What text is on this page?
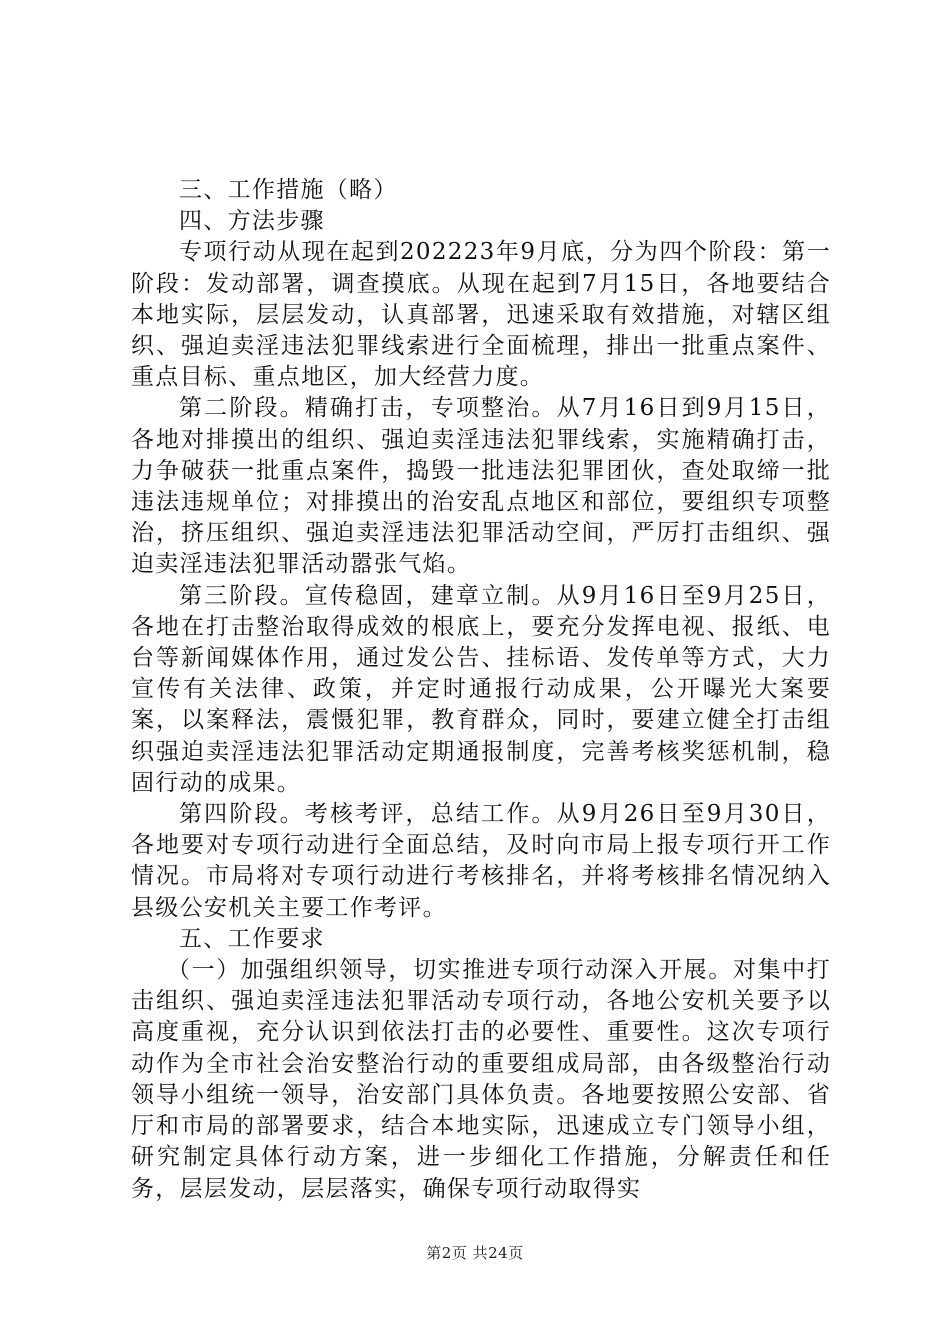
三、工作措施（略）

四、方法步骤

专项行动从现在起到202223年9月底，分为四个阶段：第一阶段：发动部署，调查摸底。从现在起到7月15日，各地要结合本地实际，层层发动，认真部署，迅速采取有效措施，对辖区组织、强迫卖淫违法犯罪线索进行全面梳理，排出一批重点案件、重点目标、重点地区，加大经营力度。

第二阶段。精确打击，专项整治。从7月16日到9月15日，各地对排摸出的组织、强迫卖淫违法犯罪线索，实施精确打击，力争破获一批重点案件，捣毁一批违法犯罪团伙，查处取缔一批违法违规单位；对排摸出的治安乱点地区和部位，要组织专项整治，挤压组织、强迫卖淫违法犯罪活动空间，严厉打击组织、强迫卖淫违法犯罪活动嚣张气焰。

第三阶段。宣传稳固，建章立制。从9月16日至9月25日，各地在打击整治取得成效的根底上，要充分发挥电视、报纸、电台等新闻媒体作用，通过发公告、挂标语、发传单等方式，大力宣传有关法律、政策，并定时通报行动成果，公开曝光大案要案，以案释法，震慑犯罪，教育群众，同时，要建立健全打击组织强迫卖淫违法犯罪活动定期通报制度，完善考核奖惩机制，稳固行动的成果。

第四阶段。考核考评，总结工作。从9月26日至9月30日，各地要对专项行动进行全面总结，及时向市局上报专项行开工作情况。市局将对专项行动进行考核排名，并将考核排名情况纳入县级公安机关主要工作考评。

五、工作要求

（一）加强组织领导，切实推进专项行动深入开展。对集中打击组织、强迫卖淫违法犯罪活动专项行动，各地公安机关要予以高度重视，充分认识到依法打击的必要性、重要性。这次专项行动作为全市社会治安整治行动的重要组成局部，由各级整治行动领导小组统一领导，治安部门具体负责。各地要按照公安部、省厅和市局的部署要求，结合本地实际，迅速成立专门领导小组，研究制定具体行动方案，进一步细化工作措施，分解责任和任务，层层发动，层层落实，确保专项行动取得实

第2页 共24页
